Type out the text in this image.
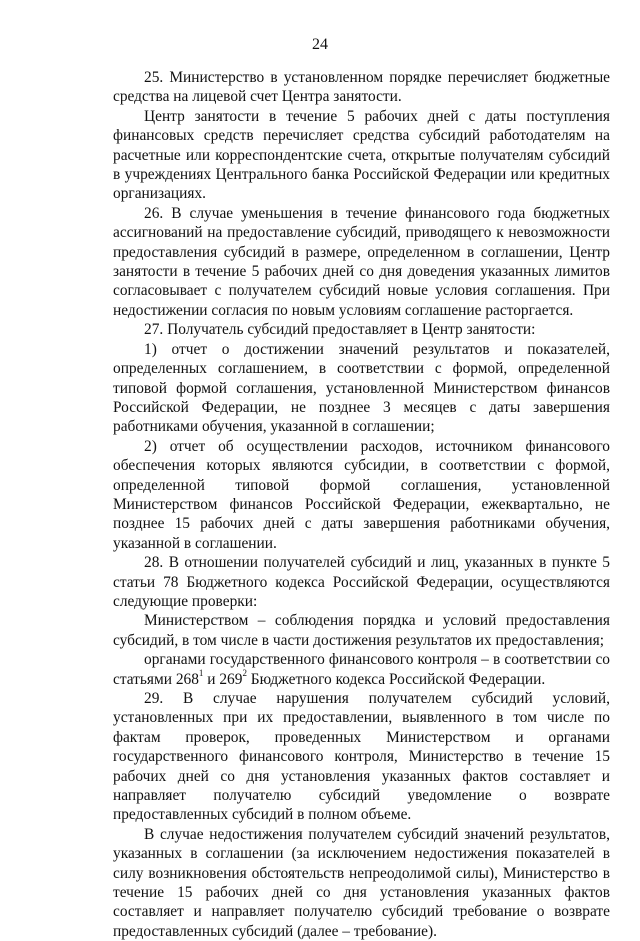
24

25. Министерство в установленном порядке перечисляет бюджетные средства на лицевой счет Центра занятости.

Центр занятости в течение 5 рабочих дней с даты поступления финансовых средств перечисляет средства субсидий работодателям на расчетные или корреспондентские счета, открытые получателям субсидий в учреждениях Центрального банка Российской Федерации или кредитных организациях.

26. В случае уменьшения в течение финансового года бюджетных ассигнований на предоставление субсидий, приводящего к невозможности предоставления субсидий в размере, определенном в соглашении, Центр занятости в течение 5 рабочих дней со дня доведения указанных лимитов согласовывает с получателем субсидий новые условия соглашения. При недостижении согласия по новым условиям соглашение расторгается.

27. Получатель субсидий предоставляет в Центр занятости:

1) отчет о достижении значений результатов и показателей, определенных соглашением, в соответствии с формой, определенной типовой формой соглашения, установленной Министерством финансов Российской Федерации, не позднее 3 месяцев с даты завершения работниками обучения, указанной в соглашении;

2) отчет об осуществлении расходов, источником финансового обеспечения которых являются субсидии, в соответствии с формой, определенной типовой формой соглашения, установленной Министерством финансов Российской Федерации, ежеквартально, не позднее 15 рабочих дней с даты завершения работниками обучения, указанной в соглашении.

28. В отношении получателей субсидий и лиц, указанных в пункте 5 статьи 78 Бюджетного кодекса Российской Федерации, осуществляются следующие проверки:

Министерством – соблюдения порядка и условий предоставления субсидий, в том числе в части достижения результатов их предоставления;

органами государственного финансового контроля – в соответствии со статьями $268^1$ и $269^2$ Бюджетного кодекса Российской Федерации.

29. В случае нарушения получателем субсидий условий, установленных при их предоставлении, выявленного в том числе по фактам проверок, проведенных Министерством и органами государственного финансового контроля, Министерство в течение 15 рабочих дней со дня установления указанных фактов составляет и направляет получателю субсидий уведомление о возврате предоставленных субсидий в полном объеме.

В случае недостижения получателем субсидий значений результатов, указанных в соглашении (за исключением недостижения показателей в силу возникновения обстоятельств непреодолимой силы), Министерство в течение 15 рабочих дней со дня установления указанных фактов составляет и направляет получателю субсидий требование о возврате предоставленных субсидий (далее – требование).
